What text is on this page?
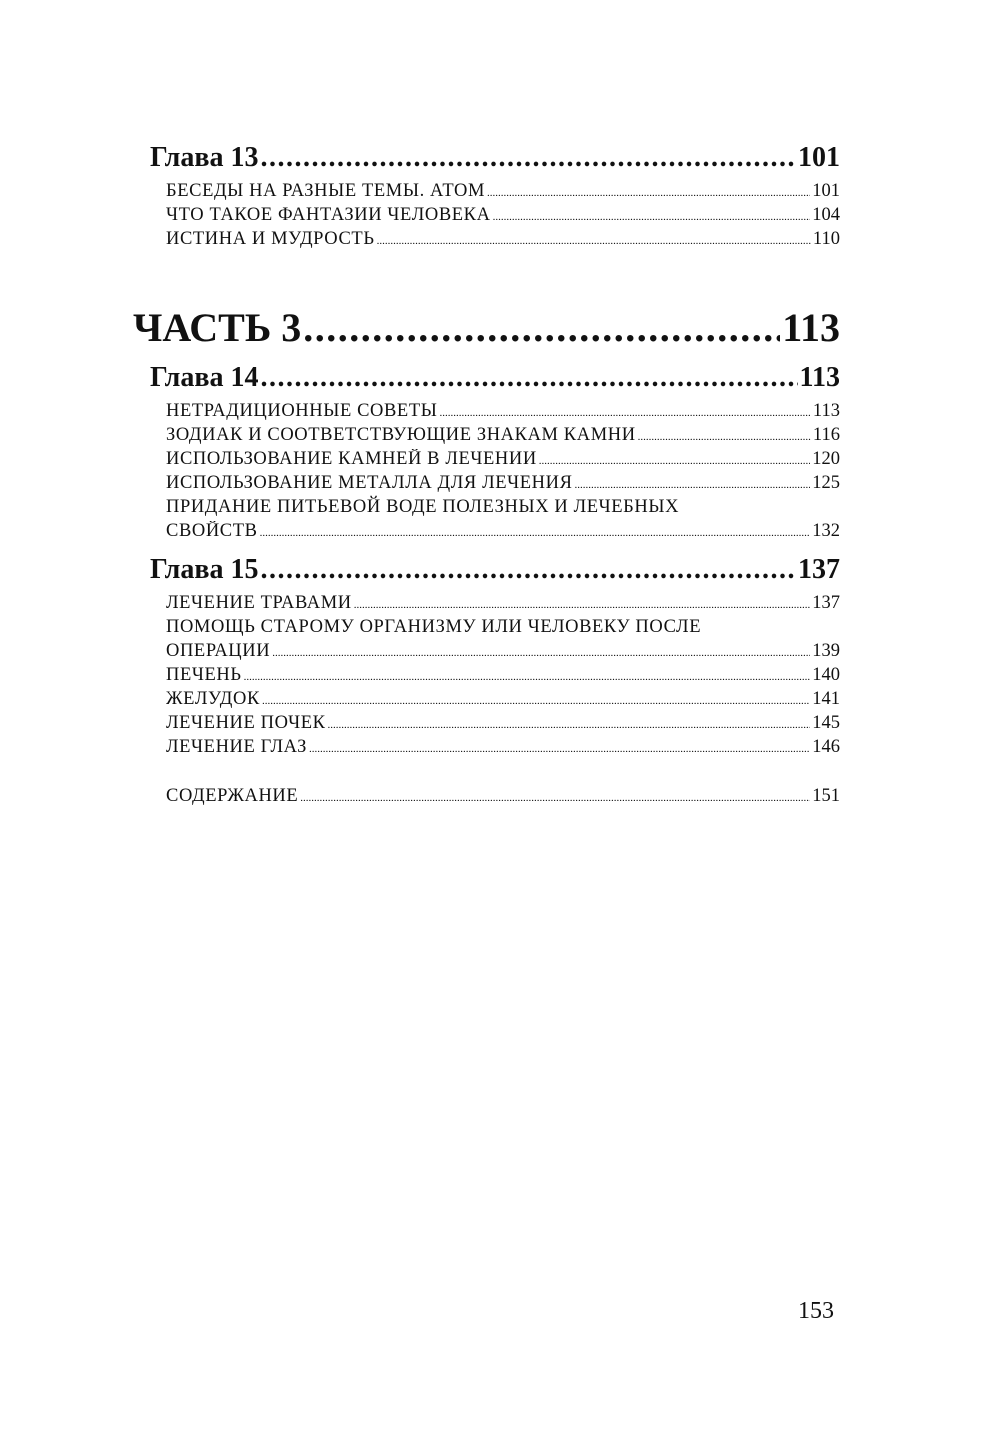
Глава 13 .....	101
БЕСЕДЫ НА РАЗНЫЕ ТЕМЫ. АТОМ .....	101
ЧТО ТАКОЕ ФАНТАЗИИ ЧЕЛОВЕКА .....	104
ИСТИНА И МУДРОСТЬ .....	110
ЧАСТЬ 3 .....	113
Глава 14 .....	113
НЕТРАДИЦИОННЫЕ СОВЕТЫ .....	113
ЗОДИАК И СООТВЕТСТВУЮЩИЕ ЗНАКАМ КАМНИ .....	116
ИСПОЛЬЗОВАНИЕ КАМНЕЙ В ЛЕЧЕНИИ .....	120
ИСПОЛЬЗОВАНИЕ МЕТАЛЛА ДЛЯ ЛЕЧЕНИЯ .....	125
ПРИДАНИЕ ПИТЬЕВОЙ ВОДЕ ПОЛЕЗНЫХ И ЛЕЧЕБНЫХ
СВОЙСТВ .....	132
Глава 15 .....	137
ЛЕЧЕНИЕ ТРАВАМИ .....	137
ПОМОЩЬ СТАРОМУ ОРГАНИЗМУ ИЛИ ЧЕЛОВЕКУ ПОСЛЕ
ОПЕРАЦИИ .....	139
ПЕЧЕНЬ .....	140
ЖЕЛУДОК .....	141
ЛЕЧЕНИЕ ПОЧЕК .....	145
ЛЕЧЕНИЕ ГЛАЗ .....	146
СОДЕРЖАНИЕ .....	151
153
